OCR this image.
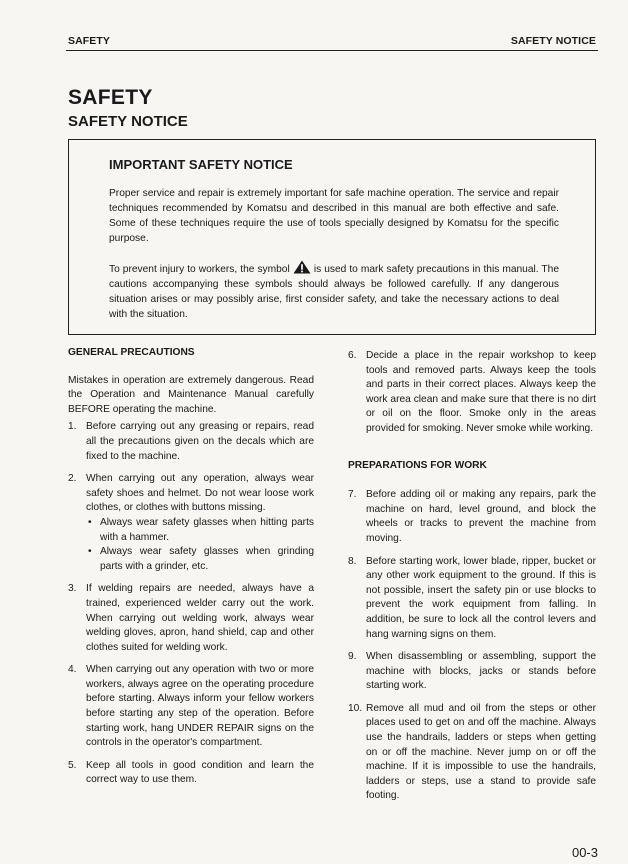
SAFETY	SAFETY NOTICE
SAFETY
SAFETY NOTICE
IMPORTANT SAFETY NOTICE

Proper service and repair is extremely important for safe machine operation. The service and repair techniques recommended by Komatsu and described in this manual are both effective and safe. Some of these techniques require the use of tools specially designed by Komatsu for the specific purpose.

To prevent injury to workers, the symbol is used to mark safety precautions in this manual. The cautions accompanying these symbols should always be followed carefully. If any dangerous situation arises or may possibly arise, first consider safety, and take the necessary actions to deal with the situation.

GENERAL PRECAUTIONS

Mistakes in operation are extremely dangerous. Read the Operation and Maintenance Manual carefully BEFORE operating the machine.

1. Before carrying out any greasing or repairs, read all the precautions given on the decals which are fixed to the machine.
2. When carrying out any operation, always wear safety shoes and helmet. Do not wear loose work clothes, or clothes with buttons missing.
• Always wear safety glasses when hitting parts with a hammer.
• Always wear safety glasses when grinding parts with a grinder, etc.
3. If welding repairs are needed, always have a trained, experienced welder carry out the work. When carrying out welding work, always wear welding gloves, apron, hand shield, cap and other clothes suited for welding work.
4. When carrying out any operation with two or more workers, always agree on the operating procedure before starting. Always inform your fellow workers before starting any step of the operation. Before starting work, hang UNDER REPAIR signs on the controls in the operator's compartment.
5. Keep all tools in good condition and learn the correct way to use them.
6. Decide a place in the repair workshop to keep tools and removed parts. Always keep the tools and parts in their correct places. Always keep the work area clean and make sure that there is no dirt or oil on the floor. Smoke only in the areas provided for smoking. Never smoke while working.

PREPARATIONS FOR WORK

7. Before adding oil or making any repairs, park the machine on hard, level ground, and block the wheels or tracks to prevent the machine from moving.
8. Before starting work, lower blade, ripper, bucket or any other work equipment to the ground. If this is not possible, insert the safety pin or use blocks to prevent the work equipment from falling. In addition, be sure to lock all the control levers and hang warning signs on them.
9. When disassembling or assembling, support the machine with blocks, jacks or stands before starting work.
10. Remove all mud and oil from the steps or other places used to get on and off the machine. Always use the handrails, ladders or steps when getting on or off the machine. Never jump on or off the machine. If it is impossible to use the handrails, ladders or steps, use a stand to provide safe footing.
00-3
